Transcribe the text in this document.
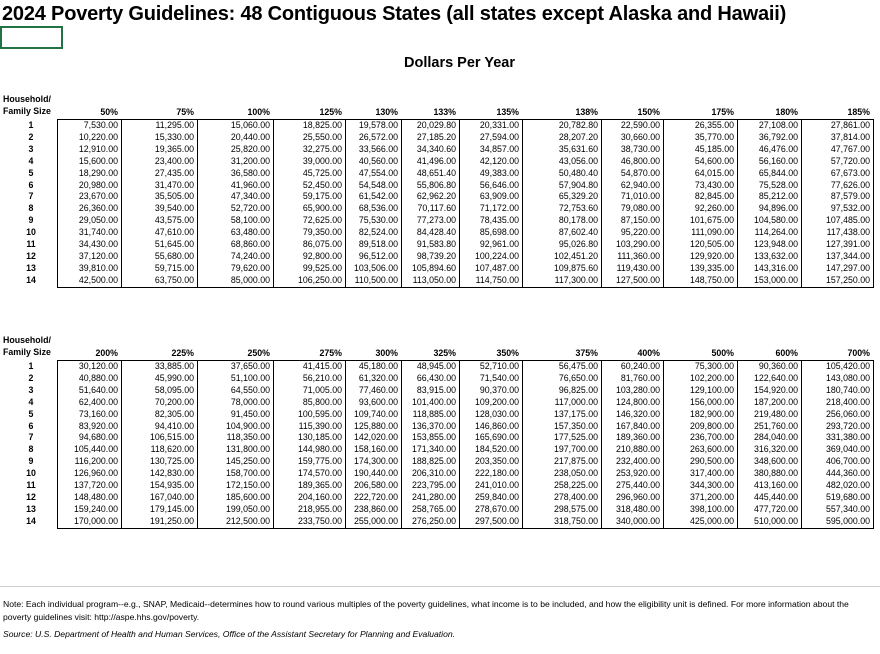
2024 Poverty Guidelines: 48 Contiguous States (all states except Alaska and Hawaii)
Dollars Per Year
Household/
Family Size	50%	75%	100%	125%	130%	133%	135%	138%	150%	175%	180%	185%
1	7,530.00	11,295.00	15,060.00	18,825.00	19,578.00	20,029.80	20,331.00	20,782.80	22,590.00	26,355.00	27,108.00	27,861.00
2	10,220.00	15,330.00	20,440.00	25,550.00	26,572.00	27,185.20	27,594.00	28,207.20	30,660.00	35,770.00	36,792.00	37,814.00
3	12,910.00	19,365.00	25,820.00	32,275.00	33,566.00	34,340.60	34,857.00	35,631.60	38,730.00	45,185.00	46,476.00	47,767.00
4	15,600.00	23,400.00	31,200.00	39,000.00	40,560.00	41,496.00	42,120.00	43,056.00	46,800.00	54,600.00	56,160.00	57,720.00
5	18,290.00	27,435.00	36,580.00	45,725.00	47,554.00	48,651.40	49,383.00	50,480.40	54,870.00	64,015.00	65,844.00	67,673.00
6	20,980.00	31,470.00	41,960.00	52,450.00	54,548.00	55,806.80	56,646.00	57,904.80	62,940.00	73,430.00	75,528.00	77,626.00
7	23,670.00	35,505.00	47,340.00	59,175.00	61,542.00	62,962.20	63,909.00	65,329.20	71,010.00	82,845.00	85,212.00	87,579.00
8	26,360.00	39,540.00	52,720.00	65,900.00	68,536.00	70,117.60	71,172.00	72,753.60	79,080.00	92,260.00	94,896.00	97,532.00
9	29,050.00	43,575.00	58,100.00	72,625.00	75,530.00	77,273.00	78,435.00	80,178.00	87,150.00	101,675.00	104,580.00	107,485.00
10	31,740.00	47,610.00	63,480.00	79,350.00	82,524.00	84,428.40	85,698.00	87,602.40	95,220.00	111,090.00	114,264.00	117,438.00
11	34,430.00	51,645.00	68,860.00	86,075.00	89,518.00	91,583.80	92,961.00	95,026.80	103,290.00	120,505.00	123,948.00	127,391.00
12	37,120.00	55,680.00	74,240.00	92,800.00	96,512.00	98,739.20	100,224.00	102,451.20	111,360.00	129,920.00	133,632.00	137,344.00
13	39,810.00	59,715.00	79,620.00	99,525.00	103,506.00	105,894.60	107,487.00	109,875.60	119,430.00	139,335.00	143,316.00	147,297.00
14	42,500.00	63,750.00	85,000.00	106,250.00	110,500.00	113,050.00	114,750.00	117,300.00	127,500.00	148,750.00	153,000.00	157,250.00
Household/
Family Size	200%	225%	250%	275%	300%	325%	350%	375%	400%	500%	600%	700%
1	30,120.00	33,885.00	37,650.00	41,415.00	45,180.00	48,945.00	52,710.00	56,475.00	60,240.00	75,300.00	90,360.00	105,420.00
2	40,880.00	45,990.00	51,100.00	56,210.00	61,320.00	66,430.00	71,540.00	76,650.00	81,760.00	102,200.00	122,640.00	143,080.00
3	51,640.00	58,095.00	64,550.00	71,005.00	77,460.00	83,915.00	90,370.00	96,825.00	103,280.00	129,100.00	154,920.00	180,740.00
4	62,400.00	70,200.00	78,000.00	85,800.00	93,600.00	101,400.00	109,200.00	117,000.00	124,800.00	156,000.00	187,200.00	218,400.00
5	73,160.00	82,305.00	91,450.00	100,595.00	109,740.00	118,885.00	128,030.00	137,175.00	146,320.00	182,900.00	219,480.00	256,060.00
6	83,920.00	94,410.00	104,900.00	115,390.00	125,880.00	136,370.00	146,860.00	157,350.00	167,840.00	209,800.00	251,760.00	293,720.00
7	94,680.00	106,515.00	118,350.00	130,185.00	142,020.00	153,855.00	165,690.00	177,525.00	189,360.00	236,700.00	284,040.00	331,380.00
8	105,440.00	118,620.00	131,800.00	144,980.00	158,160.00	171,340.00	184,520.00	197,700.00	210,880.00	263,600.00	316,320.00	369,040.00
9	116,200.00	130,725.00	145,250.00	159,775.00	174,300.00	188,825.00	203,350.00	217,875.00	232,400.00	290,500.00	348,600.00	406,700.00
10	126,960.00	142,830.00	158,700.00	174,570.00	190,440.00	206,310.00	222,180.00	238,050.00	253,920.00	317,400.00	380,880.00	444,360.00
11	137,720.00	154,935.00	172,150.00	189,365.00	206,580.00	223,795.00	241,010.00	258,225.00	275,440.00	344,300.00	413,160.00	482,020.00
12	148,480.00	167,040.00	185,600.00	204,160.00	222,720.00	241,280.00	259,840.00	278,400.00	296,960.00	371,200.00	445,440.00	519,680.00
13	159,240.00	179,145.00	199,050.00	218,955.00	238,860.00	258,765.00	278,670.00	298,575.00	318,480.00	398,100.00	477,720.00	557,340.00
14	170,000.00	191,250.00	212,500.00	233,750.00	255,000.00	276,250.00	297,500.00	318,750.00	340,000.00	425,000.00	510,000.00	595,000.00
Note: Each individual program--e.g., SNAP, Medicaid--determines how to round various multiples of the poverty guidelines, what income is to be included, and how the eligibility unit is defined. For more information about the poverty guidelines visit: http://aspe.hhs.gov/poverty.
Source: U.S. Department of Health and Human Services, Office of the Assistant Secretary for Planning and Evaluation.
